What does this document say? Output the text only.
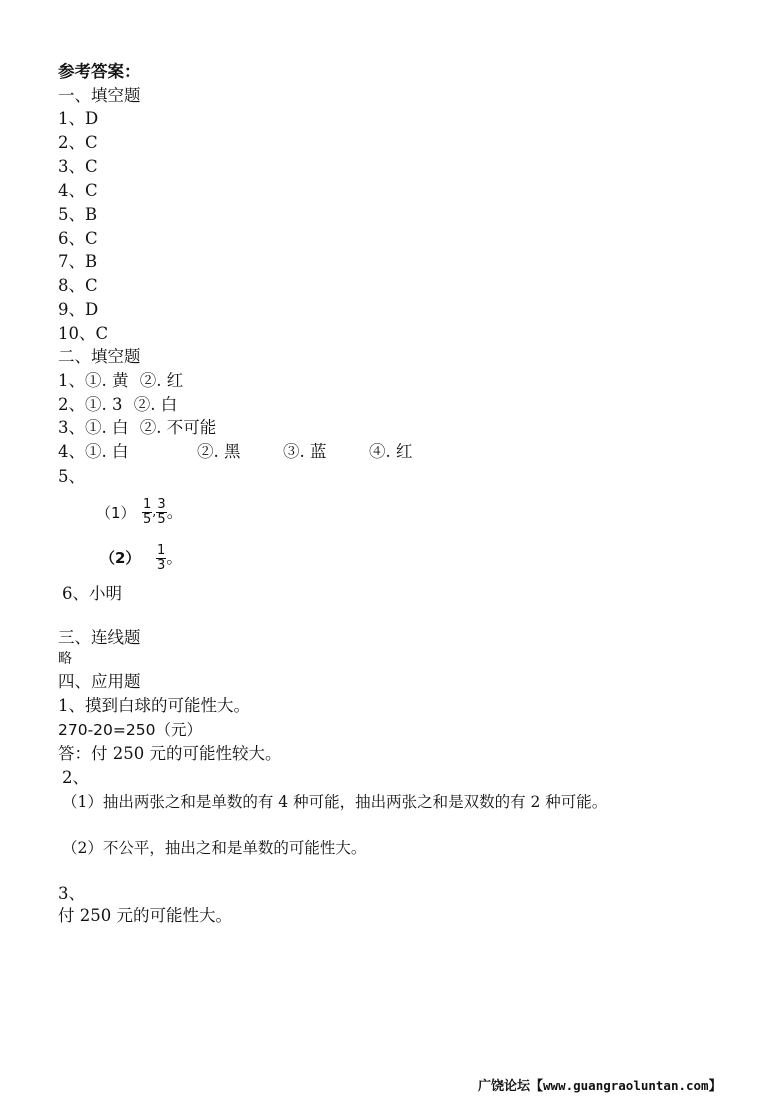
参考答案：
一、填空题
1、D
2、C
3、C
4、C
5、B
6、C
7、B
8、C
9、D
10、C
二、填空题
1、①. 黄 ②. 红
2、①. 3 ②. 白
3、①. 白 ②. 不可能
4、①. 白	②. 黑	③. 蓝	④. 红
5、
$(1) \frac{1}{5}$ , $\frac{3}{5}$ 。
$(2) \frac{1}{3}$ 。
6、小明
三、连线题
略
四、应用题
1、摸到白球的可能性大。
270-20=250（元）
答：付 250 元的可能性较大。
2、
（1）抽出两张之和是单数的有 4 种可能，抽出两张之和是双数的有 2 种可能。
（2）不公平，抽出之和是单数的可能性大。
3、
付 250 元的可能性大。
广饶论坛【www.guangraoluntan.com】
